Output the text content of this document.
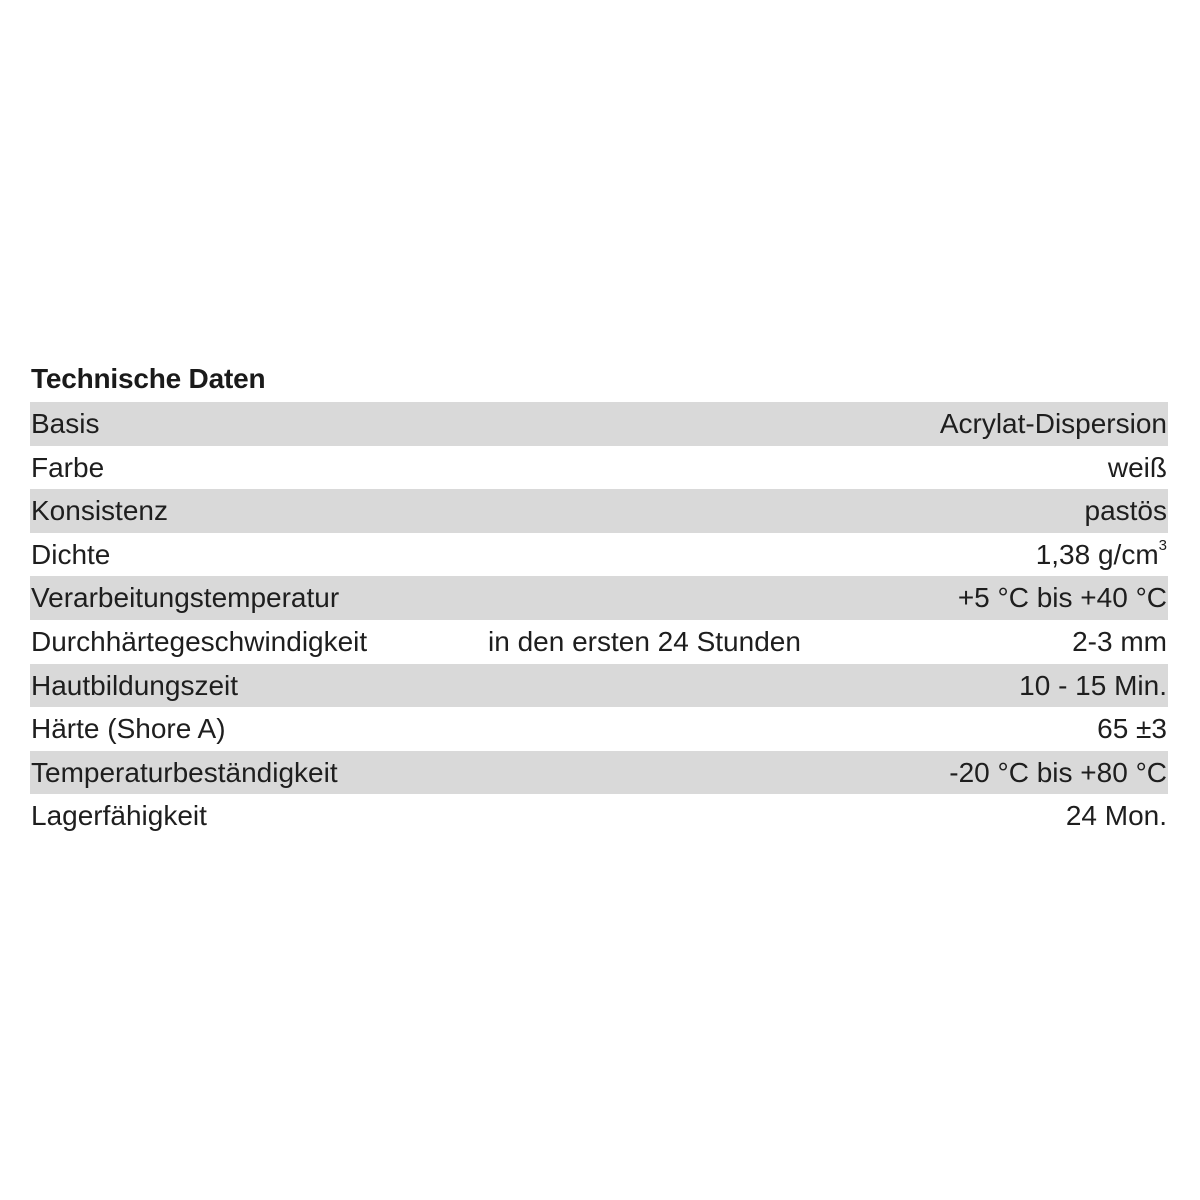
Technische Daten
Basis	Acrylat-Dispersion
Farbe	weiß
Konsistenz	pastös
Dichte	1,38 $g/cm^3$
Verarbeitungstemperatur	+5 °C bis +40 °C
Durchhärtegeschwindigkeit	in den ersten 24 Stunden	2-3 mm
Hautbildungszeit	10 - 15 Min.
Härte (Shore A)	65 ±3
Temperaturbeständigkeit	-20 °C bis +80 °C
Lagerfähigkeit	24 Mon.
